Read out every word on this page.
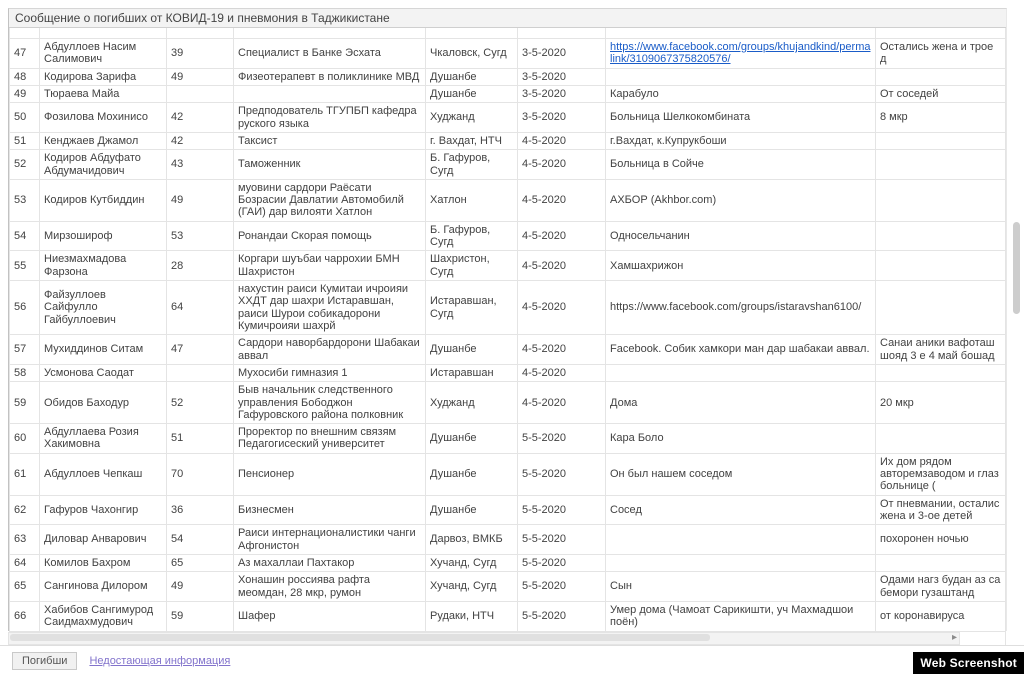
Сообщение о погибших от КОВИД-19 и пневмония в Таджикистане

47	Абдуллоев Насим Салимович	39	Специалист в Банке Эсхата	Чкаловск, Сугд	3-5-2020	https://www.facebook.com/groups/khujandkind/permalink/3109067375820576/	Остались жена и трое д
48	Кодирова Зарифа	49	Физеотерапевт в поликлинике МВД	Душанбе	3-5-2020		
49	Тюраева Майа			Душанбе	3-5-2020	Карабуло	От соседей
50	Фозилова Мохинисо	42	Предподователь ТГУПБП кафедра руского языка	Худжанд	3-5-2020	Больница Шелкокомбината	8 мкр
51	Кенджаев Джамол	42	Таксист	г. Вахдат, НТЧ	4-5-2020	г.Вахдат, к.Купрукбоши	
52	Кодиров Абдуфато Абдумачидович	43	Таможенник	Б. Гафуров, Сугд	4-5-2020	Больница в Сойче	
53	Кодиров Кутбиддин	49	муовини сардори Раёсати Бозрасии Давлатии Автомобилй (ГАИ) дар вилояти Хатлон	Хатлон	4-5-2020	АХБОР (Akhbor.com)	
54	Мирзошироф	53	Ронандаи Скорая помощь	Б. Гафуров, Сугд	4-5-2020	Односельчанин	
55	Ниезмахмадова Фарзона	28	Коргари шуъбаи чаррохии БМН Шахристон	Шахристон, Сугд	4-5-2020	Хамшахрижон	
56	Файзуллоев Сайфулло Гайбуллоевич	64	нахустин раиси Кумитаи ичроияи ХХДТ дар шахри Истаравшан, раиси Шурои собикадорони Кумичроияи шахрй	Истаравшан, Сугд	4-5-2020	https://www.facebook.com/groups/istaravshan6100/	
57	Мухиддинов Ситам	47	Сардори наворбардорони Шабакаи аввал	Душанбе	4-5-2020	Facebook. Собик хамкори ман дар шабакаи аввал.	Санаи аники вафоташ шояд 3 е 4 май бошад
58	Усмонова Саодат		Мухосиби гимназия 1	Истаравшан	4-5-2020		
59	Обидов Баходур	52	Быв начальник следственного управления Бободжон Гафуровского района полковник	Худжанд	4-5-2020	Дома	20 мкр
60	Абдуллаева Розия Хакимовна	51	Проректор по внешним связям Педагогисеский университет	Душанбе	5-5-2020	Кара Боло	
61	Абдуллоев Чепкаш	70	Пенсионер	Душанбе	5-5-2020	Он был нашем соседом	Их дом рядом авторемзаводом и глаз больнице (
62	Гафуров Чахонгир	36	Бизнесмен	Душанбе	5-5-2020	Сосед	От пневмании, осталис жена и 3-ое детей
63	Диловар Анварович	54	Раиси интернационалистики чанги Афгонистон	Дарвоз, ВМКБ	5-5-2020		похоронен ночью
64	Комилов Бахром	65	Аз махаллаи Пахтакор	Хучанд, Сугд	5-5-2020		
65	Сангинова Дилором	49	Хонашин россиява рафта меомдан, 28 мкр, румон	Хучанд, Сугд	5-5-2020	Сын	Одами нагз будан аз са бемори гузаштанд
66	Хабибов Сангимурод Саидмахмудович	59	Шафер	Рудаки, НТЧ	5-5-2020	Умер дома (Чамоат Сарикишти, уч Махмадшои поён)	от коронавируса

▸
Погибши	Недостающая информация	Web Screenshot
